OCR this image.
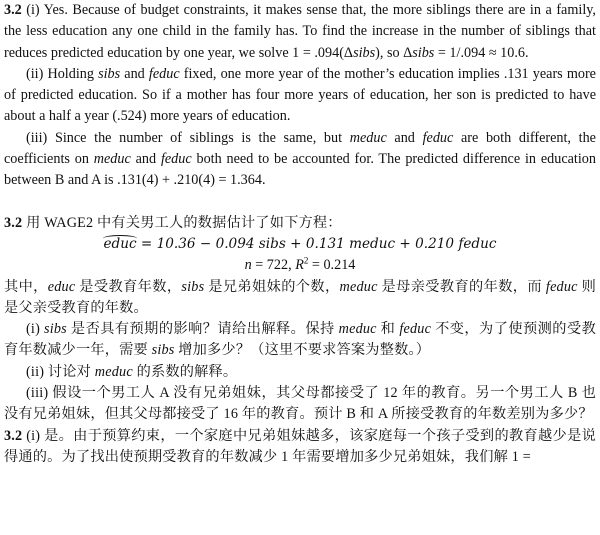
3.2 (i) Yes. Because of budget constraints, it makes sense that, the more siblings there are in a family, the less education any one child in the family has. To find the increase in the number of siblings that reduces predicted education by one year, we solve 1 = .094(Δsibs), so Δsibs = 1/.094 ≈ 10.6.

(ii) Holding sibs and feduc fixed, one more year of the mother’s education implies .131 years more of predicted education. So if a mother has four more years of education, her son is predicted to have about a half a year (.524) more years of education.

(iii) Since the number of siblings is the same, but meduc and feduc are both different, the coefficients on meduc and feduc both need to be accounted for. The predicted difference in education between B and A is .131(4) + .210(4) = 1.364.

3.2 用 WAGE2 中有关男工人的数据估计了如下方程：

educ = 10.36 − 0.094 sibs + 0.131 meduc + 0.210 feduc

n = 722, $R^2 = 0.214$

其中，educ 是受教育年数，sibs 是兄弟姐妹的个数，meduc 是母亲受教育的年数，而 feduc 则是父亲受教育的年数。

(i) sibs 是否具有预期的影响？请给出解释。保持 meduc 和 feduc 不变，为了使预测的受教育年数减少一年，需要 sibs 增加多少？（这里不要求答案为整数。）

(ii) 讨论对 meduc 的系数的解释。

(iii) 假设一个男工人 A 没有兄弟姐妹，其父母都接受了 12 年的教育。另一个男工人 B 也没有兄弟姐妹，但其父母都接受了 16 年的教育。预计 B 和 A 所接受教育的年数差别为多少？

3.2 (i) 是。由于预算约束，一个家庭中兄弟姐妹越多，该家庭每一个孩子受到的教育越少是说得通的。为了找出使预期受教育的年数减少 1 年需要增加多少兄弟姐妹，我们解 1 =
